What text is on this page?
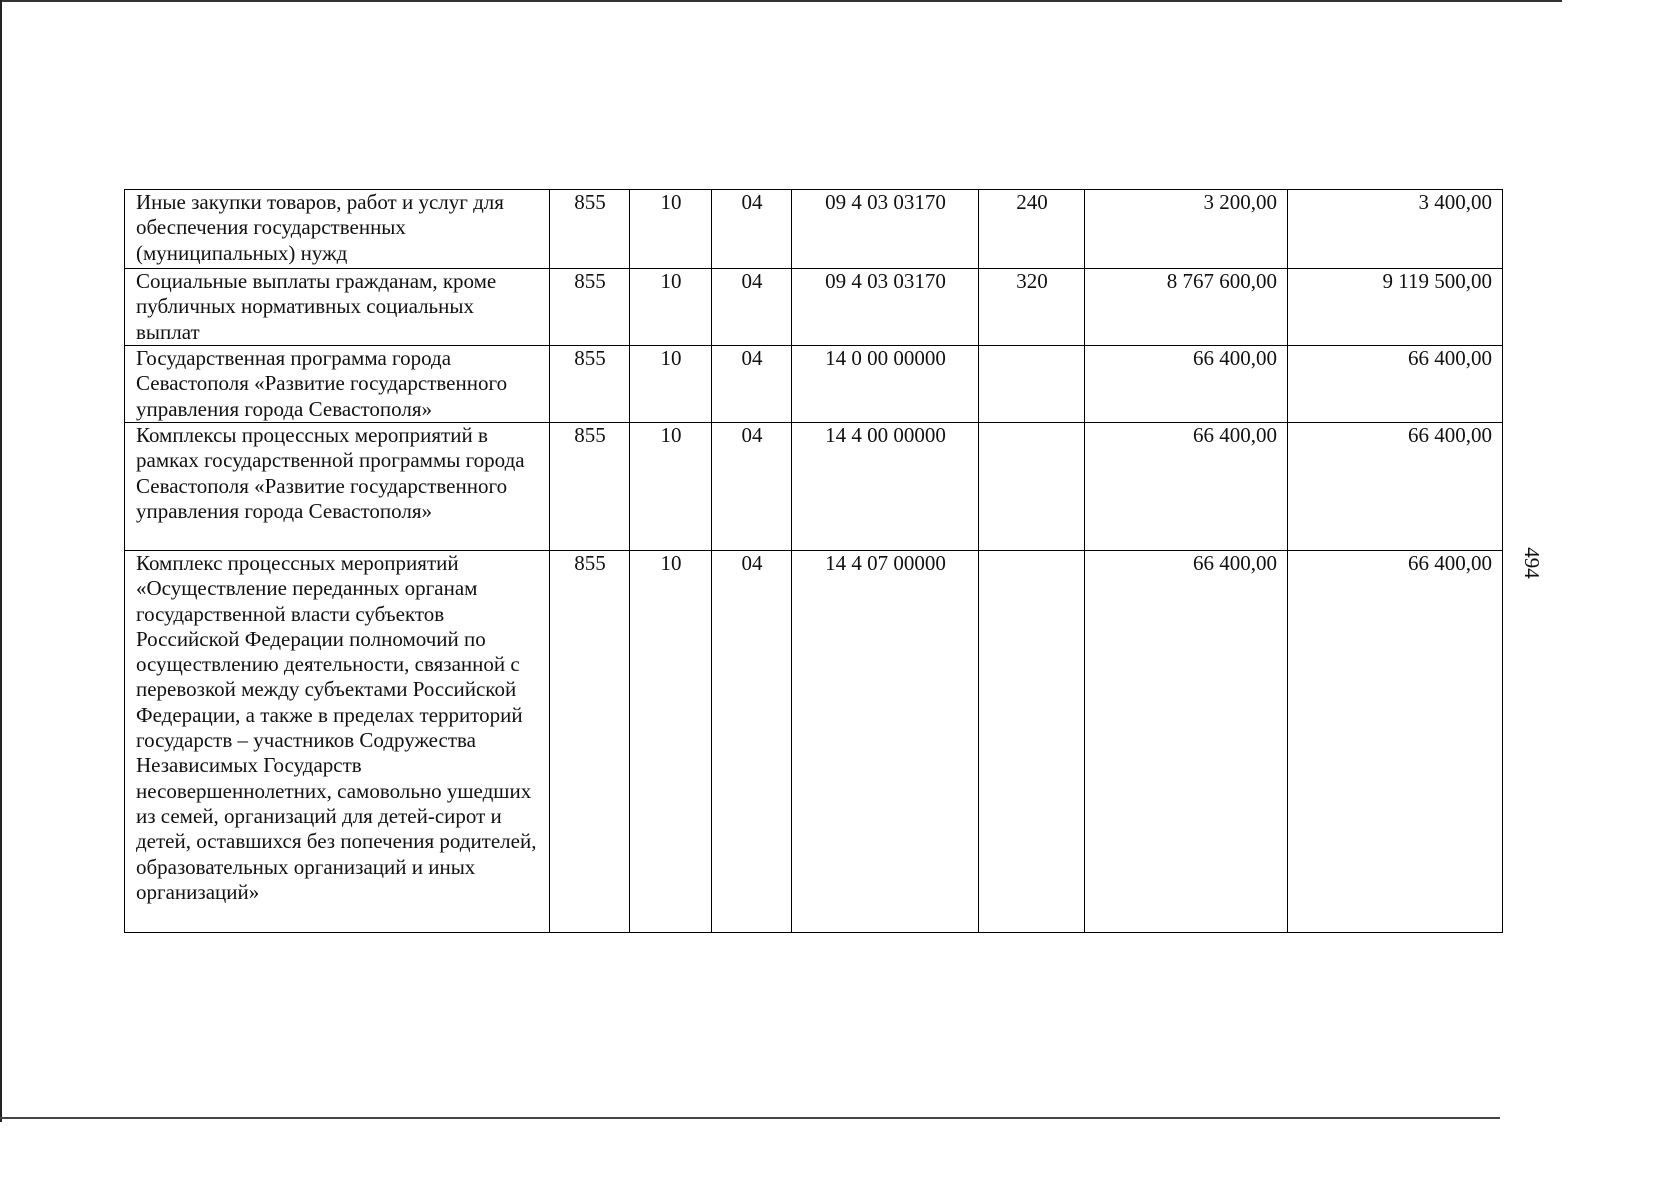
Иные закупки товаров, работ и услуг для обеспечения государственных (муниципальных) нужд	855	10	04	09 4 03 03170	240	3 200,00	3 400,00
Социальные выплаты гражданам, кроме публичных нормативных социальных выплат	855	10	04	09 4 03 03170	320	8 767 600,00	9 119 500,00
Государственная программа города Севастополя «Развитие государственного управления города Севастополя»	855	10	04	14 0 00 00000		66 400,00	66 400,00
Комплексы процессных мероприятий в рамках государственной программы города Севастополя «Развитие государственного управления города Севастополя»	855	10	04	14 4 00 00000		66 400,00	66 400,00
Комплекс процессных мероприятий «Осуществление переданных органам государственной власти субъектов Российской Федерации полномочий по осуществлению деятельности, связанной с перевозкой между субъектами Российской Федерации, а также в пределах территорий государств – участников Содружества Независимых Государств несовершеннолетних, самовольно ушедших из семей, организаций для детей-сирот и детей, оставшихся без попечения родителей, образовательных организаций и иных организаций»	855	10	04	14 4 07 00000		66 400,00	66 400,00 494
